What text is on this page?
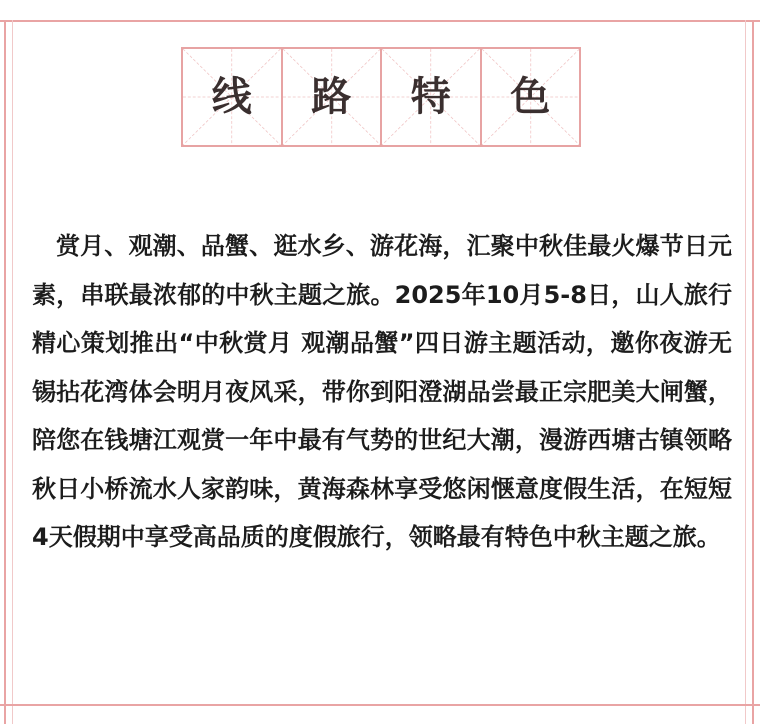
线 路 特 色

赏月、观潮、品蟹、逛水乡、游花海，汇聚中秋佳最火爆节日元素，串联最浓郁的中秋主题之旅。2025年10月5-8日，山人旅行精心策划推出“中秋赏月 观潮品蟹”四日游主题活动，邀你夜游无锡拈花湾体会明月夜风采，带你到阳澄湖品尝最正宗肥美大闸蟹，陪您在钱塘江观赏一年中最有气势的世纪大潮，漫游西塘古镇领略秋日小桥流水人家韵味，黄海森林享受悠闲惬意度假生活，在短短4天假期中享受高品质的度假旅行，领略最有特色中秋主题之旅。
